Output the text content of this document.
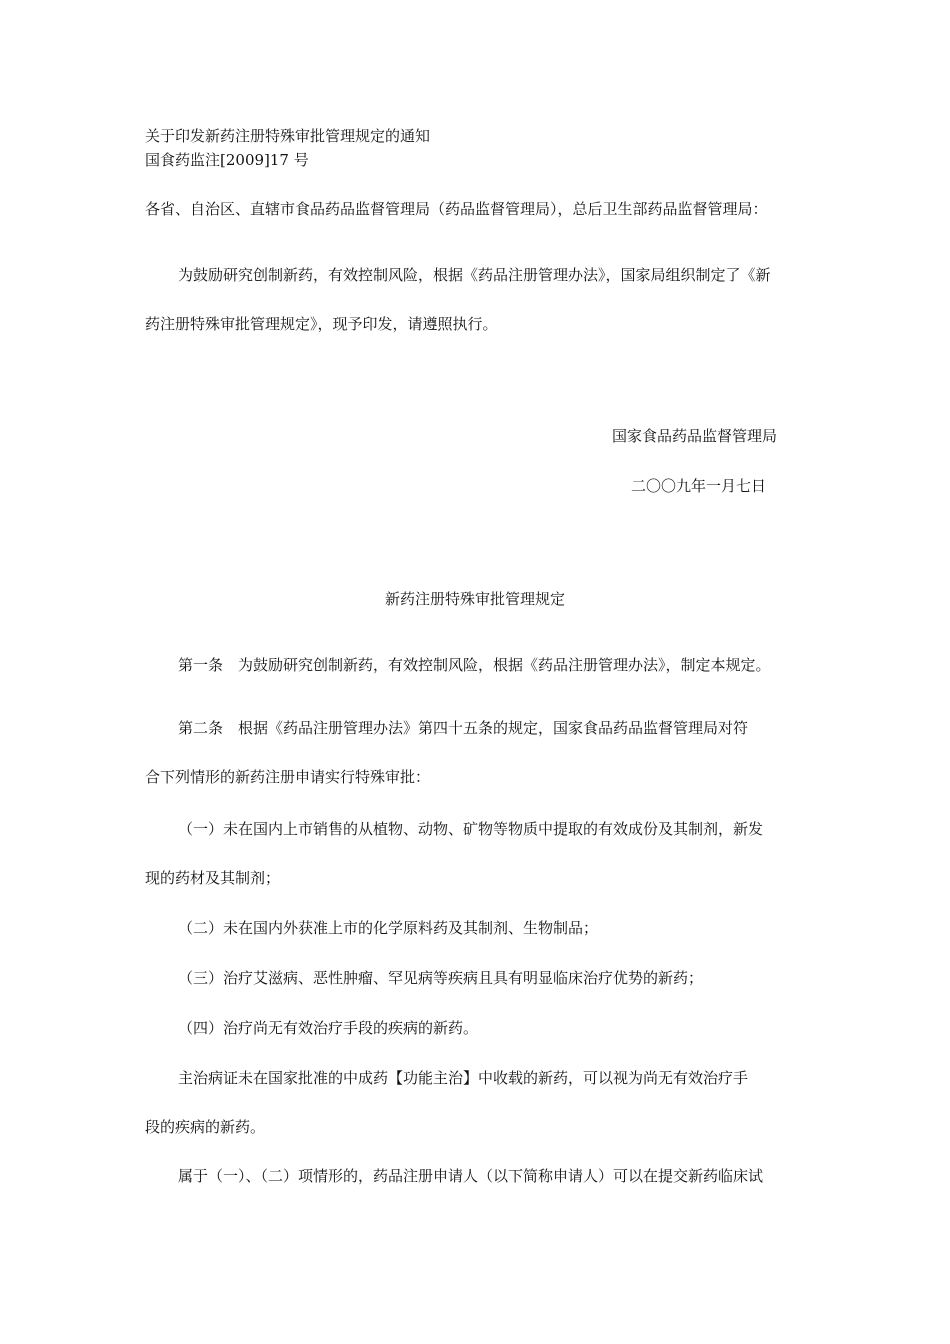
关于印发新药注册特殊审批管理规定的通知
国食药监注[2009]17 号
各省、自治区、直辖市食品药品监督管理局（药品监督管理局），总后卫生部药品监督管理局：
为鼓励研究创制新药，有效控制风险，根据《药品注册管理办法》，国家局组织制定了《新
药注册特殊审批管理规定》，现予印发，请遵照执行。
国家食品药品监督管理局
二〇〇九年一月七日
新药注册特殊审批管理规定
第一条　为鼓励研究创制新药，有效控制风险，根据《药品注册管理办法》，制定本规定。
第二条　根据《药品注册管理办法》第四十五条的规定，国家食品药品监督管理局对符
合下列情形的新药注册申请实行特殊审批：
（一）未在国内上市销售的从植物、动物、矿物等物质中提取的有效成份及其制剂，新发
现的药材及其制剂；
（二）未在国内外获准上市的化学原料药及其制剂、生物制品；
（三）治疗艾滋病、恶性肿瘤、罕见病等疾病且具有明显临床治疗优势的新药；
（四）治疗尚无有效治疗手段的疾病的新药。
主治病证未在国家批准的中成药【功能主治】中收载的新药，可以视为尚无有效治疗手
段的疾病的新药。
属于（一）、（二）项情形的，药品注册申请人（以下简称申请人）可以在提交新药临床试
